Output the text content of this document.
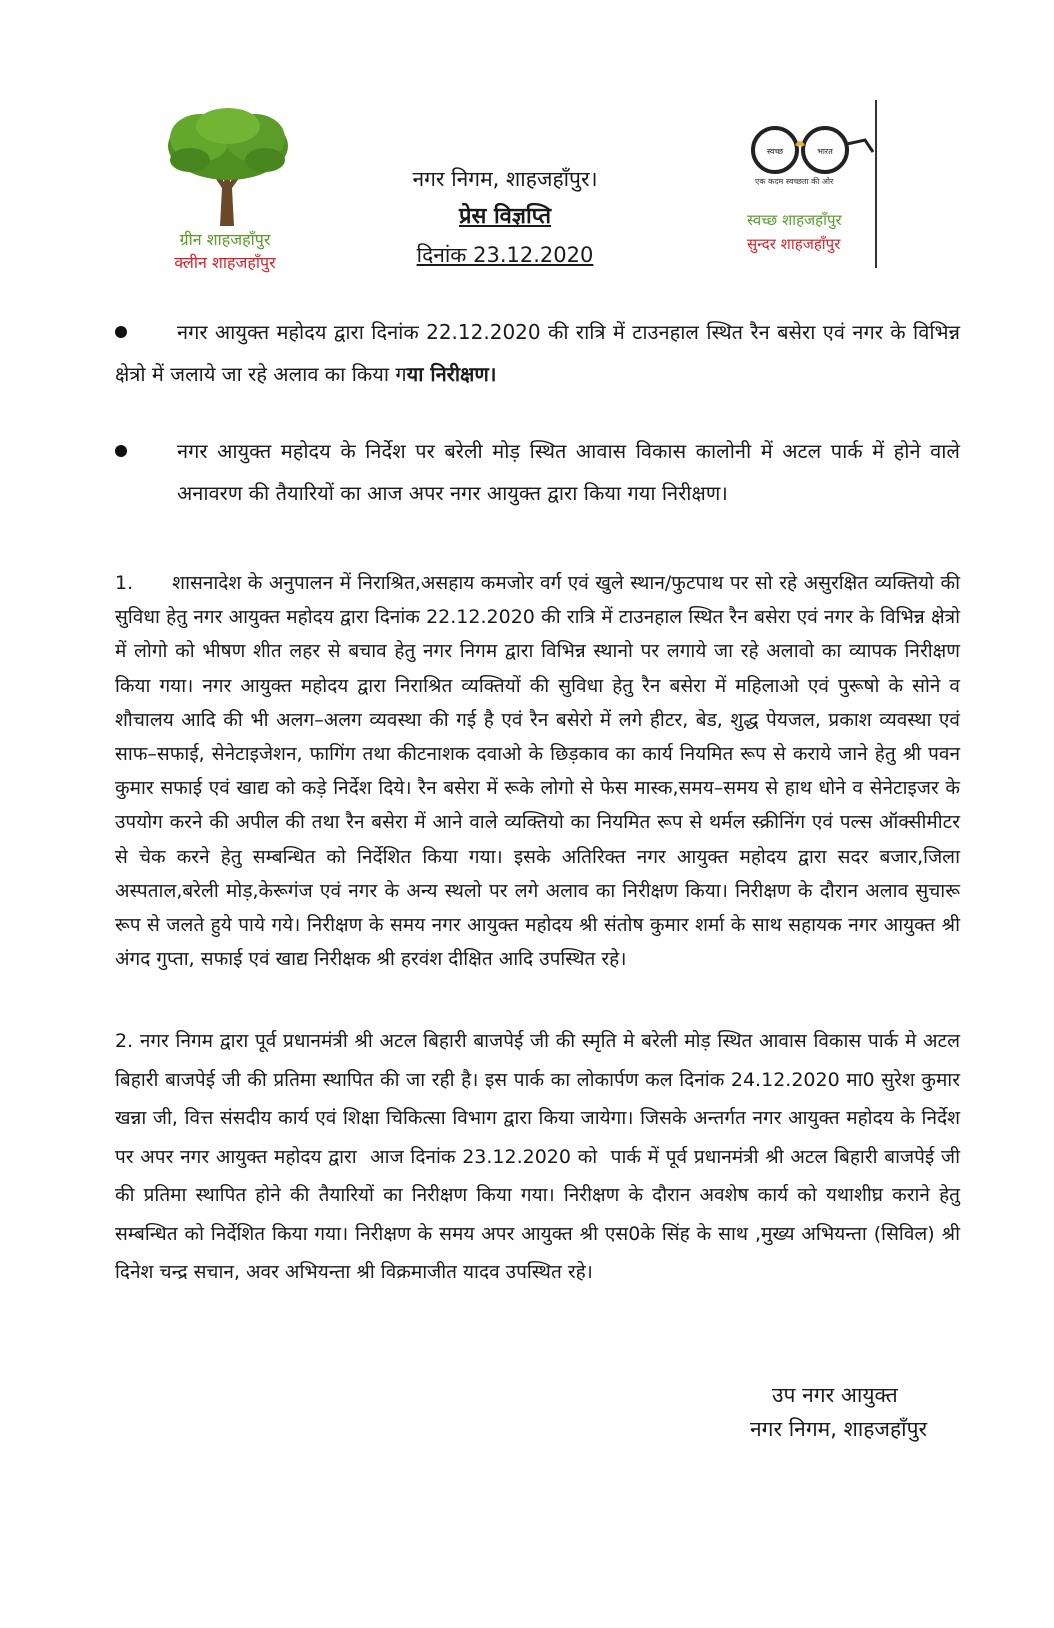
ग्रीन शाहजहाँपुर
क्लीन शाहजहाँपुर
नगर निगम, शाहजहाँपुर।
प्रेस विज्ञप्ति
दिनांक 23.12.2020
स्वच्छ	भारत
एक कदम स्वच्छता की ओर
स्वच्छ शाहजहाँपुर
सुन्दर शाहजहाँपुर
नगर आयुक्त महोदय द्वारा दिनांक 22.12.2020 की रात्रि में टाउनहाल स्थित रैन बसेरा एवं नगर के विभिन्न क्षेत्रो में जलाये जा रहे अलाव का किया गया निरीक्षण।
नगर आयुक्त महोदय के निर्देश पर बरेली मोड़ स्थित आवास विकास कालोनी में अटल पार्क में होने वाले अनावरण की तैयारियों का आज अपर नगर आयुक्त द्वारा किया गया निरीक्षण।
1.      शासनादेश के अनुपालन में निराश्रित,असहाय कमजोर वर्ग एवं खुले स्थान/फुटपाथ पर सो रहे असुरक्षित व्यक्तियो की सुविधा हेतु नगर आयुक्त महोदय द्वारा दिनांक 22.12.2020 की रात्रि में टाउनहाल स्थित रैन बसेरा एवं नगर के विभिन्न क्षेत्रो में लोगो को भीषण शीत लहर से बचाव हेतु नगर निगम द्वारा विभिन्न स्थानो पर लगाये जा रहे अलावो का व्यापक निरीक्षण किया गया। नगर आयुक्त महोदय द्वारा निराश्रित व्यक्तियों की सुविधा हेतु रैन बसेरा में महिलाओ एवं पुरूषो के सोने व शौचालय आदि की भी अलग–अलग व्यवस्था की गई है एवं रैन बसेरो में लगे हीटर, बेड, शुद्ध पेयजल, प्रकाश व्यवस्था एवं साफ–सफाई, सेनेटाइजेशन, फागिंग तथा कीटनाशक दवाओ के छिड़काव का कार्य नियमित रूप से कराये जाने हेतु श्री पवन कुमार सफाई एवं खाद्य को कड़े निर्देश दिये। रैन बसेरा में रूके लोगो से फेस मास्क,समय–समय से हाथ धोने व सेनेटाइजर के उपयोग करने की अपील की तथा रैन बसेरा में आने वाले व्यक्तियो का नियमित रूप से थर्मल स्क्रीनिंग एवं पल्स ऑक्सीमीटर से चेक करने हेतु सम्बन्धित को निर्देशित किया गया। इसके अतिरिक्त नगर आयुक्त महोदय द्वारा सदर बजार,जिला अस्पताल,बरेली मोड़,केरूगंज एवं नगर के अन्य स्थलो पर लगे अलाव का निरीक्षण किया। निरीक्षण के दौरान अलाव सुचारू रूप से जलते हुये पाये गये। निरीक्षण के समय नगर आयुक्त महोदय श्री संतोष कुमार शर्मा के साथ सहायक नगर आयुक्त श्री अंगद गुप्ता, सफाई एवं खाद्य निरीक्षक श्री हरवंश दीक्षित आदि उपस्थित रहे।
2. नगर निगम द्वारा पूर्व प्रधानमंत्री श्री अटल बिहारी बाजपेई जी की स्मृति मे बरेली मोड़ स्थित आवास विकास पार्क मे अटल बिहारी बाजपेई जी की प्रतिमा स्थापित की जा रही है। इस पार्क का लोकार्पण कल दिनांक 24.12.2020 मा0 सुरेश कुमार खन्ना जी, वित्त संसदीय कार्य एवं शिक्षा चिकित्सा विभाग द्वारा किया जायेगा। जिसके अन्तर्गत नगर आयुक्त महोदय के निर्देश पर अपर नगर आयुक्त महोदय द्वारा  आज दिनांक 23.12.2020 को  पार्क में पूर्व प्रधानमंत्री श्री अटल बिहारी बाजपेई जी की प्रतिमा स्थापित होने की तैयारियों का निरीक्षण किया गया। निरीक्षण के दौरान अवशेष कार्य को यथाशीघ्र कराने हेतु सम्बन्धित को निर्देशित किया गया। निरीक्षण के समय अपर आयुक्त श्री एस0के सिंह के साथ ,मुख्य अभियन्ता (सिविल) श्री दिनेश चन्द्र सचान, अवर अभियन्ता श्री विक्रमाजीत यादव उपस्थित रहे।
उप नगर आयुक्त
नगर निगम, शाहजहाँपुर
